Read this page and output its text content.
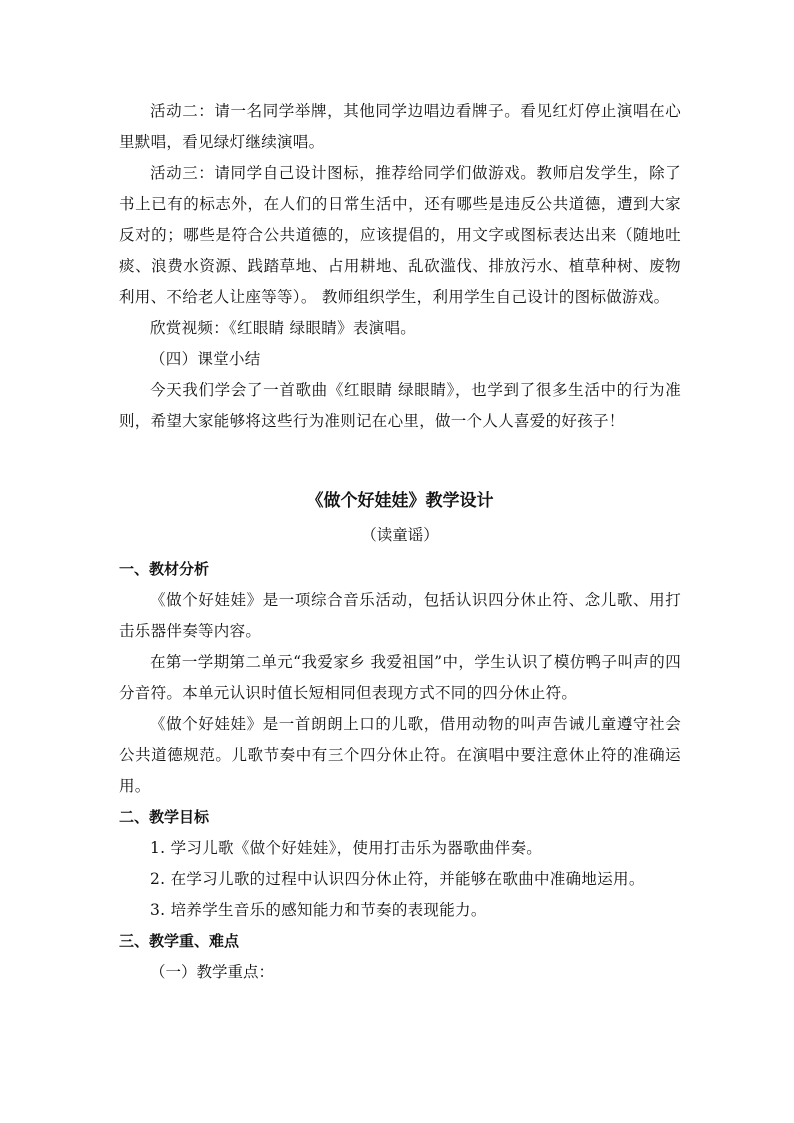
活动二：请一名同学举牌，其他同学边唱边看牌子。看见红灯停止演唱在心里默唱，看见绿灯继续演唱。

活动三：请同学自己设计图标，推荐给同学们做游戏。教师启发学生，除了书上已有的标志外，在人们的日常生活中，还有哪些是违反公共道德，遭到大家反对的；哪些是符合公共道德的，应该提倡的，用文字或图标表达出来（随地吐痰、浪费水资源、践踏草地、占用耕地、乱砍滥伐、排放污水、植草种树、废物利用、不给老人让座等等）。 教师组织学生，利用学生自己设计的图标做游戏。

欣赏视频：《红眼睛 绿眼睛》表演唱。

（四）课堂小结

今天我们学会了一首歌曲《红眼睛 绿眼睛》，也学到了很多生活中的行为准则，希望大家能够将这些行为准则记在心里，做一个人人喜爱的好孩子！

《做个好娃娃》教学设计

（读童谣）

一、教材分析

《做个好娃娃》是一项综合音乐活动，包括认识四分休止符、念儿歌、用打击乐器伴奏等内容。

在第一学期第二单元“我爱家乡 我爱祖国”中，学生认识了模仿鸭子叫声的四分音符。本单元认识时值长短相同但表现方式不同的四分休止符。

《做个好娃娃》是一首朗朗上口的儿歌，借用动物的叫声告诫儿童遵守社会公共道德规范。儿歌节奏中有三个四分休止符。在演唱中要注意休止符的准确运用。

二、教学目标

1. 学习儿歌《做个好娃娃》，使用打击乐为器歌曲伴奏。

2. 在学习儿歌的过程中认识四分休止符，并能够在歌曲中准确地运用。

3. 培养学生音乐的感知能力和节奏的表现能力。

三、教学重、难点

（一）教学重点：
